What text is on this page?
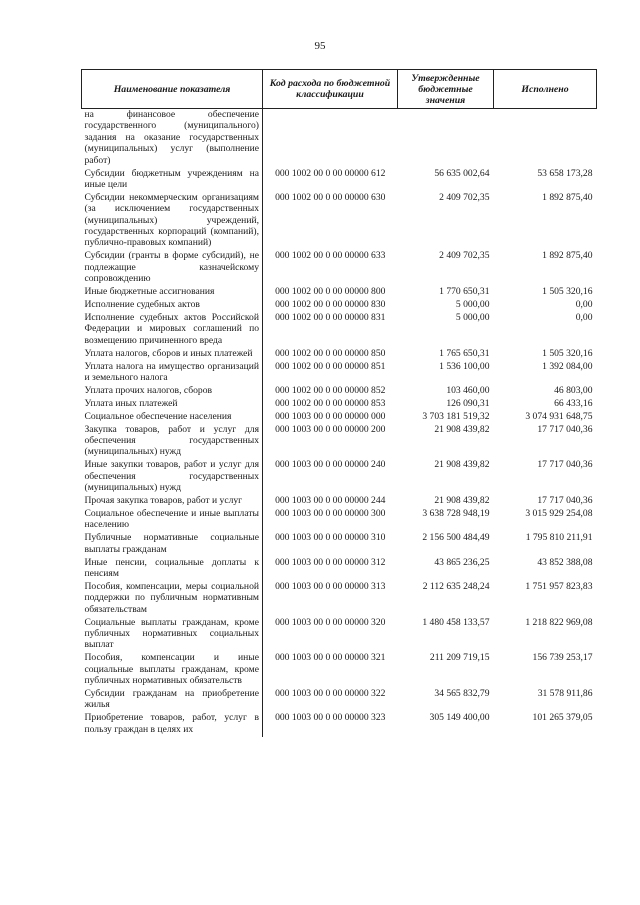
95
Наименование показателя	Код расхода по бюджетной классификации	Утвержденные бюджетные значения	Исполнено
на финансовое обеспечение государственного (муниципального) задания на оказание государственных (муниципальных) услуг (выполнение работ)			
Субсидии бюджетным учреждениям на иные цели	000 1002 00 0 00 00000 612	56 635 002,64	53 658 173,28
Субсидии некоммерческим организациям (за исключением государственных (муниципальных) учреждений, государственных корпораций (компаний), публично-правовых компаний)	000 1002 00 0 00 00000 630	2 409 702,35	1 892 875,40
Субсидии (гранты в форме субсидий), не подлежащие казначейскому сопровождению	000 1002 00 0 00 00000 633	2 409 702,35	1 892 875,40
Иные бюджетные ассигнования	000 1002 00 0 00 00000 800	1 770 650,31	1 505 320,16
Исполнение судебных актов	000 1002 00 0 00 00000 830	5 000,00	0,00
Исполнение судебных актов Российской Федерации и мировых соглашений по возмещению причиненного вреда	000 1002 00 0 00 00000 831	5 000,00	0,00
Уплата налогов, сборов и иных платежей	000 1002 00 0 00 00000 850	1 765 650,31	1 505 320,16
Уплата налога на имущество организаций и земельного налога	000 1002 00 0 00 00000 851	1 536 100,00	1 392 084,00
Уплата прочих налогов, сборов	000 1002 00 0 00 00000 852	103 460,00	46 803,00
Уплата иных платежей	000 1002 00 0 00 00000 853	126 090,31	66 433,16
Социальное обеспечение населения	000 1003 00 0 00 00000 000	3 703 181 519,32	3 074 931 648,75
Закупка товаров, работ и услуг для обеспечения государственных (муниципальных) нужд	000 1003 00 0 00 00000 200	21 908 439,82	17 717 040,36
Иные закупки товаров, работ и услуг для обеспечения государственных (муниципальных) нужд	000 1003 00 0 00 00000 240	21 908 439,82	17 717 040,36
Прочая закупка товаров, работ и услуг	000 1003 00 0 00 00000 244	21 908 439,82	17 717 040,36
Социальное обеспечение и иные выплаты населению	000 1003 00 0 00 00000 300	3 638 728 948,19	3 015 929 254,08
Публичные нормативные социальные выплаты гражданам	000 1003 00 0 00 00000 310	2 156 500 484,49	1 795 810 211,91
Иные пенсии, социальные доплаты к пенсиям	000 1003 00 0 00 00000 312	43 865 236,25	43 852 388,08
Пособия, компенсации, меры социальной поддержки по публичным нормативным обязательствам	000 1003 00 0 00 00000 313	2 112 635 248,24	1 751 957 823,83
Социальные выплаты гражданам, кроме публичных нормативных социальных выплат	000 1003 00 0 00 00000 320	1 480 458 133,57	1 218 822 969,08
Пособия, компенсации и иные социальные выплаты гражданам, кроме публичных нормативных обязательств	000 1003 00 0 00 00000 321	211 209 719,15	156 739 253,17
Субсидии гражданам на приобретение жилья	000 1003 00 0 00 00000 322	34 565 832,79	31 578 911,86
Приобретение товаров, работ, услуг в пользу граждан в целях их	000 1003 00 0 00 00000 323	305 149 400,00	101 265 379,05
